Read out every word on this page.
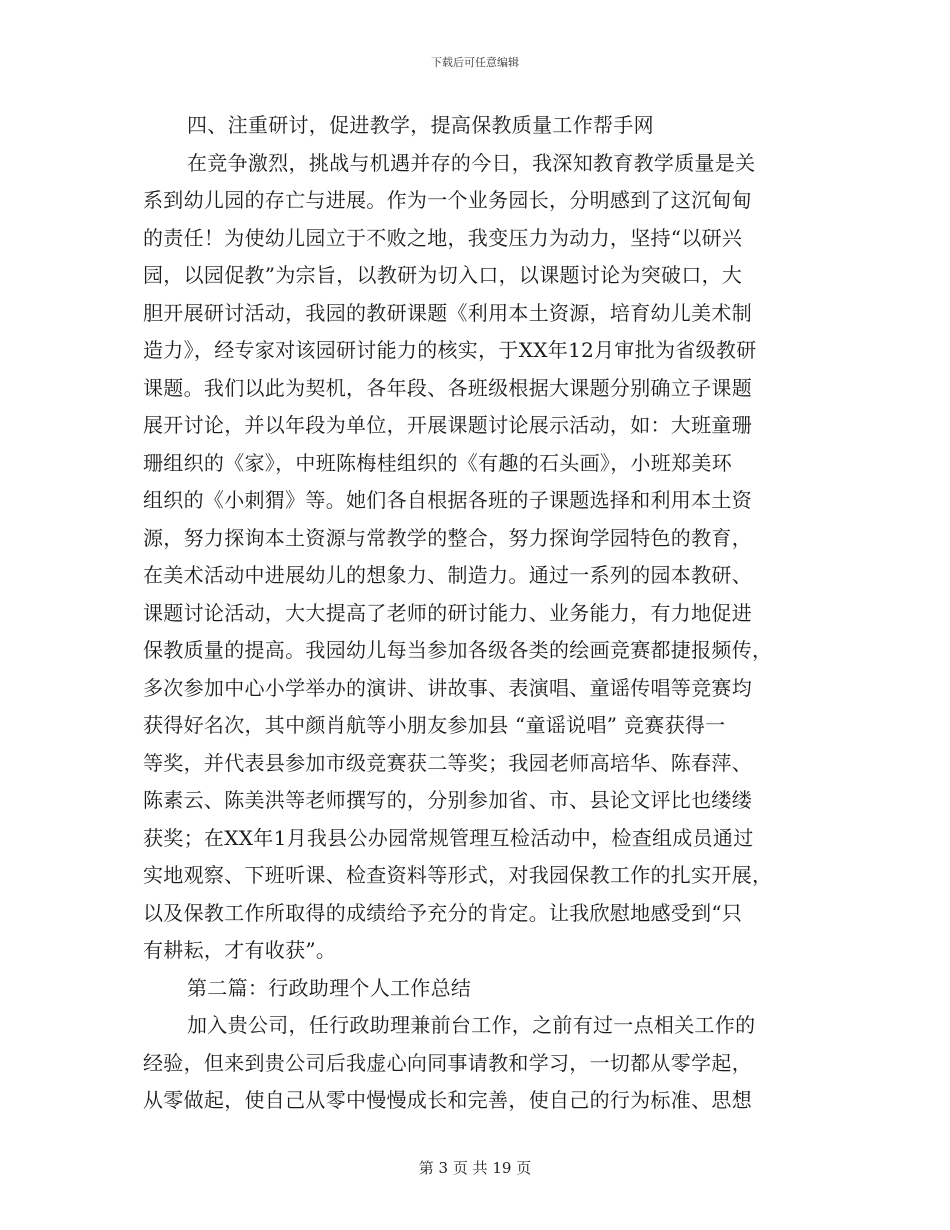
下载后可任意编辑
四、注重研讨，促进教学，提高保教质量工作帮手网
在竞争激烈，挑战与机遇并存的今日，我深知教育教学质量是关
系到幼儿园的存亡与进展。作为一个业务园长，分明感到了这沉甸甸
的责任！为使幼儿园立于不败之地，我变压力为动力，坚持“以研兴
园，以园促教”为宗旨，以教研为切入口，以课题讨论为突破口，大
胆开展研讨活动，我园的教研课题《利用本土资源，培育幼儿美术制
造力》，经专家对该园研讨能力的核实，于XX年12月审批为省级教研
课题。我们以此为契机，各年段、各班级根据大课题分别确立子课题
展开讨论，并以年段为单位，开展课题讨论展示活动，如：大班童珊
珊组织的《家》，中班陈梅桂组织的《有趣的石头画》，小班郑美环
组织的《小刺猬》等。她们各自根据各班的子课题选择和利用本土资
源，努力探询本土资源与常教学的整合，努力探询学园特色的教育，
在美术活动中进展幼儿的想象力、制造力。通过一系列的园本教研、
课题讨论活动，大大提高了老师的研讨能力、业务能力，有力地促进
保教质量的提高。我园幼儿每当参加各级各类的绘画竞赛都捷报频传，
多次参加中心小学举办的演讲、讲故事、表演唱、童谣传唱等竞赛均
获得好名次，其中颜肖航等小朋友参加县 “童谣说唱” 竞赛获得一
等奖，并代表县参加市级竞赛获二等奖；我园老师高培华、陈春萍、
陈素云、陈美洪等老师撰写的，分别参加省、市、县论文评比也缕缕
获奖；在XX年1月我县公办园常规管理互检活动中，检查组成员通过
实地观察、下班听课、检查资料等形式，对我园保教工作的扎实开展，
以及保教工作所取得的成绩给予充分的肯定。让我欣慰地感受到“只
有耕耘，才有收获”。
第二篇：行政助理个人工作总结
加入贵公司，任行政助理兼前台工作，之前有过一点相关工作的
经验，但来到贵公司后我虚心向同事请教和学习，一切都从零学起，
从零做起，使自己从零中慢慢成长和完善，使自己的行为标准、思想
第 3 页 共 19 页
